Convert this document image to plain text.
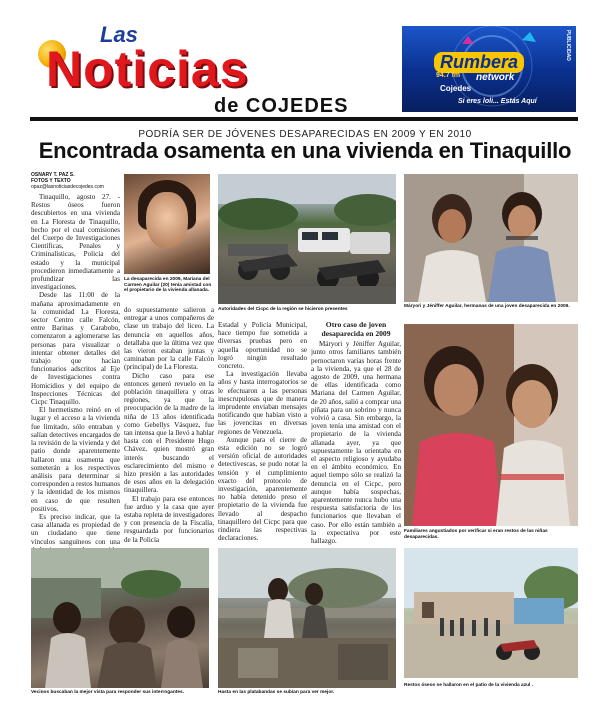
Las
Noticias
de COJEDES
Rumbera
94.7 fm network
Cojedes
Si eres loli... Estás Aquí
PUBLICIDAD
PODRÍA SER DE JÓVENES DESAPARECIDAS EN 2009 Y EN 2010
Encontrada osamenta en una vivienda en Tinaquillo
OSNARY T. PAZ S.
FOTOS Y TEXTO
opaz@lasnoticiasdecojedes.com

Tinaquillo, agosto 27. - Restos óseos fueron descubiertos en una vivienda en La Floresta de Tinaquillo, hecho por el cual comisiones del Cuerpo de Investigaciones Científicas, Penales y Criminalísticas, Policía del estado y la municipal procedieron inmediatamente a profundizar las investigaciones.

Desde las 11:00 de la mañana aproximadamente en la comunidad La Floresta, sector Centro calle Falcón, entre Barinas y Carabobo, comenzaron a aglomerarse las personas para visualizar o intentar obtener detalles del trabajo que hacían funcionarios adscritos al Eje de Investigaciones contra Homicidios y del equipo de Inspecciones Técnicas del Cicpc Tinaquillo.

El hermetismo reinó en el lugar y el acceso a la vivienda fue limitado, sólo entraban y salían detectives encargados de la revisión de la vivienda y del patio donde aparentemente hallaron una osamenta que someterán a los respectivos análisis para determinar si corresponden a restos humanos y la identidad de los mismos en caso de que resulten positivos.

Es preciso indicar, que la casa allanada es propiedad de un ciudadano que tiene vínculos sanguíneos con una

do supuestamente salieron a entregar a unos compañeros de clase un trabajo del liceo. La denuncia en aquellos años, detallaba que la última vez que las vieron estaban juntas y caminaban por la calle Falcón (principal) de La Floresta.

Dicho caso para ese entonces generó revuelo en la población tinaquillera y otras regiones, ya que la preocupación de la madre de la niña de 13 años identificada como Gebellys Vásquez, fue tan intensa que la llevó a hablar hasta con el Presidente Hugo Chávez, quien mostró gran interés buscando el esclarecimiento del mismo e hizo presión a las autoridades de esos años en la delegación tinaquillera.

El trabajo para ese entonces fue arduo y la casa que ayer estaba repleta de investigadores y con presencia de la Fiscalía, resguardada por funcionarios de la Policía

Estadal y Policía Municipal, hace tiempo fue sometida a diversas pruebas pero en aquella oportunidad no se logró ningún resultado concreto.

La investigación llevaba años y hasta interrogatorios se le efectuaron a las personas inescrupulosas que de manera imprudente enviaban mensajes notificando que habían visto a las jovencitas en diversas regiones de Venezuela.

Aunque para el cierre de esta edición no se logró versión oficial de autoridades detectivescas, se pudo notar la tensión y el cumplimiento exacto del protocolo de investigación, aparentemente no había detenido preso el propietario de la vivienda fue llevado al despacho tinaquillero del Cicpc para que rindiera las respectivas declaraciones.

Otro caso de joven desaparecida en 2009

Máryori y Jéniffer Aguilar, junto otros familiares también pernoctaron varias horas frente a la vivienda, ya que el 28 de agosto de 2009, una hermana de ellas identificada como Mariana del Carmen Aguilar, de 20 años, salió a comprar una piñata para un sobrino y nunca volvió a casa. Sin embargo, la joven tenía una amistad con el propietario de la vivienda allanada ayer, ya que supuestamente la orientaba en el aspecto religioso y ayudaba en el ámbito económico. En aquel tiempo sólo se realizó la denuncia en el Cicpc, pero aunque había sospechas, aparentemente nunca hubo una respuesta satisfactoria de los funcionarios que llevaban el caso. Por ello están también a la expectativa por este hallazgo.

La desaparecida en 2009, Mariana del Carmen Aguilar (20) tenía amistad con el propietario de la vivienda allanada.
Autoridades del Cicpc de la región se hicieron presentes
Máryori y Jéniffer Aguilar, hermanas de una joven desaparecida en 2009.
Familiares angustiados por verificar si eran restos de las niñas desaparecidas.
Vecinos buscaban la mejor vista para responder sus interrogantes.	Hasta en las platabandas se subían para ver mejor.
Restos óseos se hallaron en el patio de la vivienda azul .
